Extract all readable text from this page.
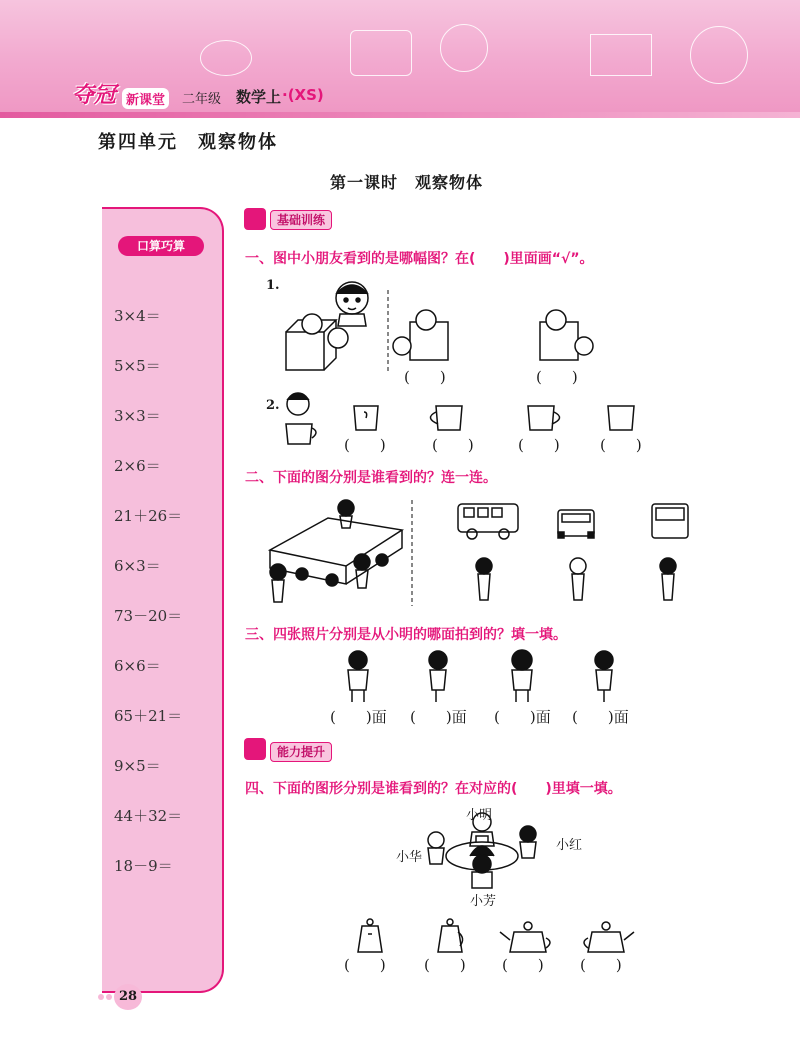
夺冠 新课堂	二年级 数学上 ·(XS)
第四单元　观察物体
第一课时　观察物体
口算巧算
3×4＝
5×5＝
3×3＝
2×6＝
21＋26＝
6×3＝
73－20＝
6×6＝
65＋21＝
9×5＝
44＋32＝
18－9＝
基础训练
一、图中小朋友看到的是哪幅图？在(　　)里面画“√”。
1.
(　　)	(　　)
2.
(　　)	(　　)	(　　)	(　　)
二、下面的图分别是谁看到的？连一连。
三、四张照片分别是从小明的哪面拍到的？填一填。
(　　)面 (　　)面 (　　)面 (　　)面
能力提升
四、下面的图形分别是谁看到的？在对应的(　　)里填一填。
小明
小红
小华
小芳
(　　)	(　　) (　　) (　　)
28
